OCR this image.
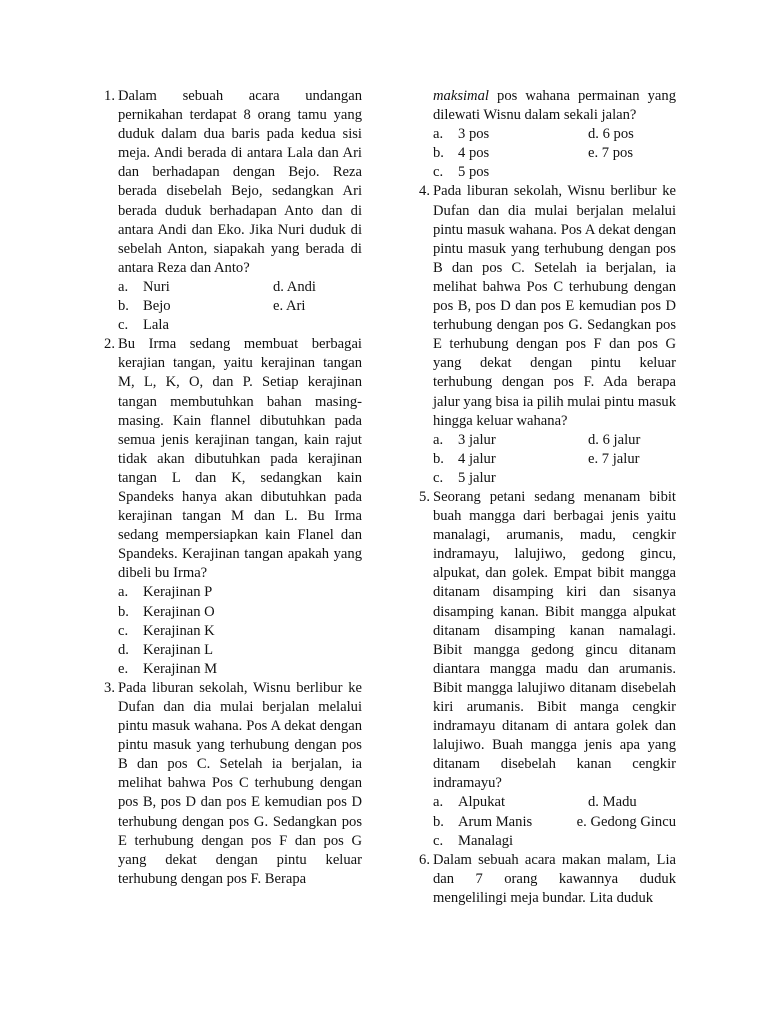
1. Dalam sebuah acara undangan pernikahan terdapat 8 orang tamu yang duduk dalam dua baris pada kedua sisi meja. Andi berada di antara Lala dan Ari dan berhadapan dengan Bejo. Reza berada disebelah Bejo, sedangkan Ari berada duduk berhadapan Anto dan di antara Andi dan Eko. Jika Nuri duduk di sebelah Anton, siapakah yang berada di antara Reza dan Anto?

a. Nuri	d. Andi
b. Bejo	e. Ari
c. Lala
2. Bu Irma sedang membuat berbagai kerajian tangan, yaitu kerajinan tangan M, L, K, O, dan P. Setiap kerajinan tangan membutuhkan bahan masing-masing. Kain flannel dibutuhkan pada semua jenis kerajinan tangan, kain rajut tidak akan dibutuhkan pada kerajinan tangan L dan K, sedangkan kain Spandeks hanya akan dibutuhkan pada kerajinan tangan M dan L. Bu Irma sedang mempersiapkan kain Flanel dan Spandeks. Kerajinan tangan apakah yang dibeli bu Irma?

a. Kerajinan P
b. Kerajinan O
c. Kerajinan K
d. Kerajinan L
e. Kerajinan M
3. Pada liburan sekolah, Wisnu berlibur ke Dufan dan dia mulai berjalan melalui pintu masuk wahana. Pos A dekat dengan pintu masuk yang terhubung dengan pos B dan pos C. Setelah ia berjalan, ia melihat bahwa Pos C terhubung dengan pos B, pos D dan pos E kemudian pos D terhubung dengan pos G. Sedangkan pos E terhubung dengan pos F dan pos G yang dekat dengan pintu keluar terhubung dengan pos F. Berapa

maksimal pos wahana permainan yang dilewati Wisnu dalam sekali jalan?

a. 3 pos	d. 6 pos
b. 4 pos	e. 7 pos
c. 5 pos
4. Pada liburan sekolah, Wisnu berlibur ke Dufan dan dia mulai berjalan melalui pintu masuk wahana. Pos A dekat dengan pintu masuk yang terhubung dengan pos B dan pos C. Setelah ia berjalan, ia melihat bahwa Pos C terhubung dengan pos B, pos D dan pos E kemudian pos D terhubung dengan pos G. Sedangkan pos E terhubung dengan pos F dan pos G yang dekat dengan pintu keluar terhubung dengan pos F. Ada berapa jalur yang bisa ia pilih mulai pintu masuk hingga keluar wahana?

a. 3 jalur	d. 6 jalur
b. 4 jalur	e. 7 jalur
c. 5 jalur
5. Seorang petani sedang menanam bibit buah mangga dari berbagai jenis yaitu manalagi, arumanis, madu, cengkir indramayu, lalujiwo, gedong gincu, alpukat, dan golek. Empat bibit mangga ditanam disamping kiri dan sisanya disamping kanan. Bibit mangga alpukat ditanam disamping kanan namalagi. Bibit mangga gedong gincu ditanam diantara mangga madu dan arumanis. Bibit mangga lalujiwo ditanam disebelah kiri arumanis. Bibit manga cengkir indramayu ditanam di antara golek dan lalujiwo. Buah mangga jenis apa yang ditanam disebelah kanan cengkir indramayu?

a. Alpukat	d. Madu
b. Arum Manis	e. Gedong Gincu
c. Manalagi
6. Dalam sebuah acara makan malam, Lia dan 7 orang kawannya duduk mengelilingi meja bundar. Lita duduk
